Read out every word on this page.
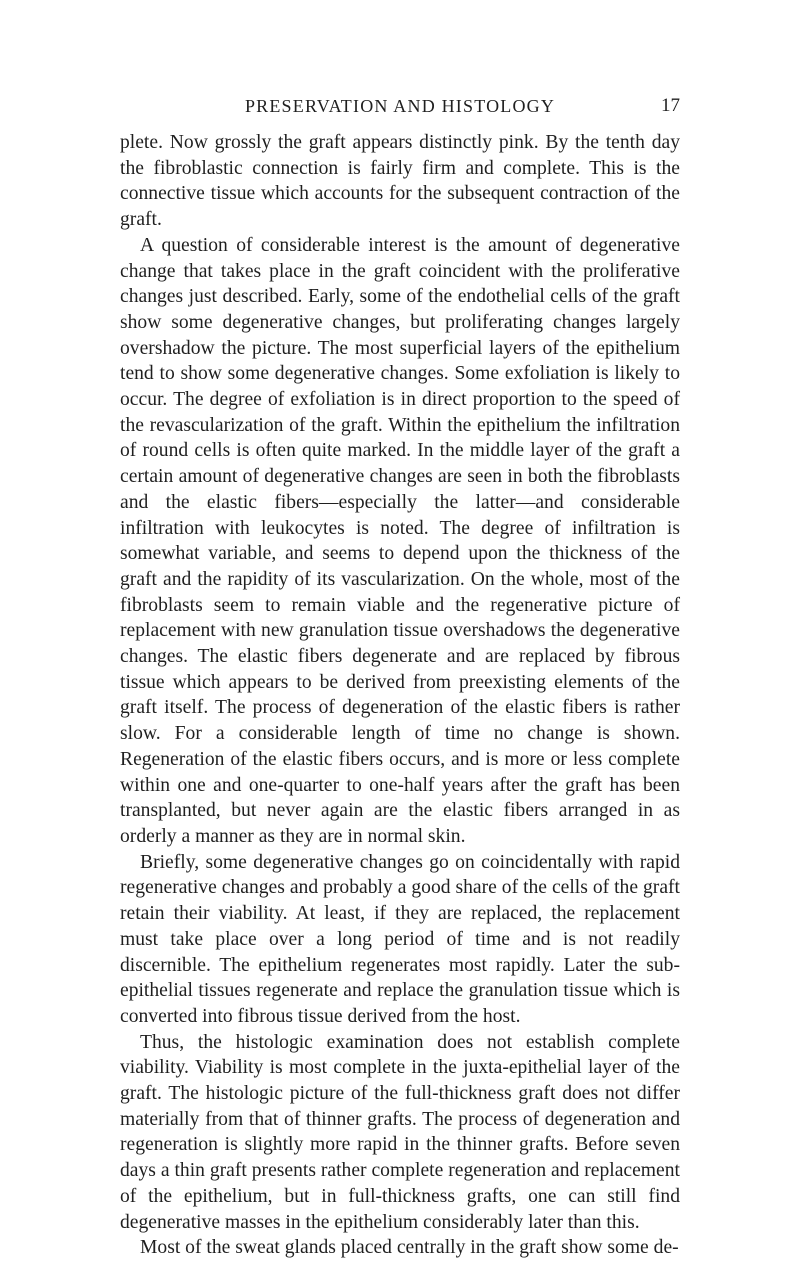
PRESERVATION AND HISTOLOGY	17

plete. Now grossly the graft appears distinctly pink. By the tenth day the fibroblastic connection is fairly firm and complete. This is the connective tissue which accounts for the subsequent contraction of the graft.

A question of considerable interest is the amount of degenerative change that takes place in the graft coincident with the proliferative changes just described. Early, some of the endothelial cells of the graft show some degenerative changes, but proliferating changes largely overshadow the picture. The most superficial layers of the epithelium tend to show some degenerative changes. Some exfoliation is likely to occur. The degree of exfoliation is in direct proportion to the speed of the revascularization of the graft. Within the epithelium the infiltration of round cells is often quite marked. In the middle layer of the graft a certain amount of degenerative changes are seen in both the fibroblasts and the elastic fibers—especially the latter—and considerable infiltration with leukocytes is noted. The degree of infiltration is somewhat variable, and seems to depend upon the thickness of the graft and the rapidity of its vascularization. On the whole, most of the fibroblasts seem to remain viable and the regenerative picture of replacement with new granulation tissue overshadows the degenerative changes. The elastic fibers degenerate and are replaced by fibrous tissue which appears to be derived from preexisting elements of the graft itself. The process of degeneration of the elastic fibers is rather slow. For a considerable length of time no change is shown. Regeneration of the elastic fibers occurs, and is more or less complete within one and one-quarter to one-half years after the graft has been transplanted, but never again are the elastic fibers arranged in as orderly a manner as they are in normal skin.

Briefly, some degenerative changes go on coincidentally with rapid regenerative changes and probably a good share of the cells of the graft retain their viability. At least, if they are replaced, the replacement must take place over a long period of time and is not readily discernible. The epithelium regenerates most rapidly. Later the sub-epithelial tissues regenerate and replace the granulation tissue which is converted into fibrous tissue derived from the host.

Thus, the histologic examination does not establish complete viability. Viability is most complete in the juxta-epithelial layer of the graft. The histologic picture of the full-thickness graft does not differ materially from that of thinner grafts. The process of degeneration and regeneration is slightly more rapid in the thinner grafts. Before seven days a thin graft presents rather complete regeneration and replacement of the epithelium, but in full-thickness grafts, one can still find degenerative masses in the epithelium considerably later than this.

Most of the sweat glands placed centrally in the graft show some de-
